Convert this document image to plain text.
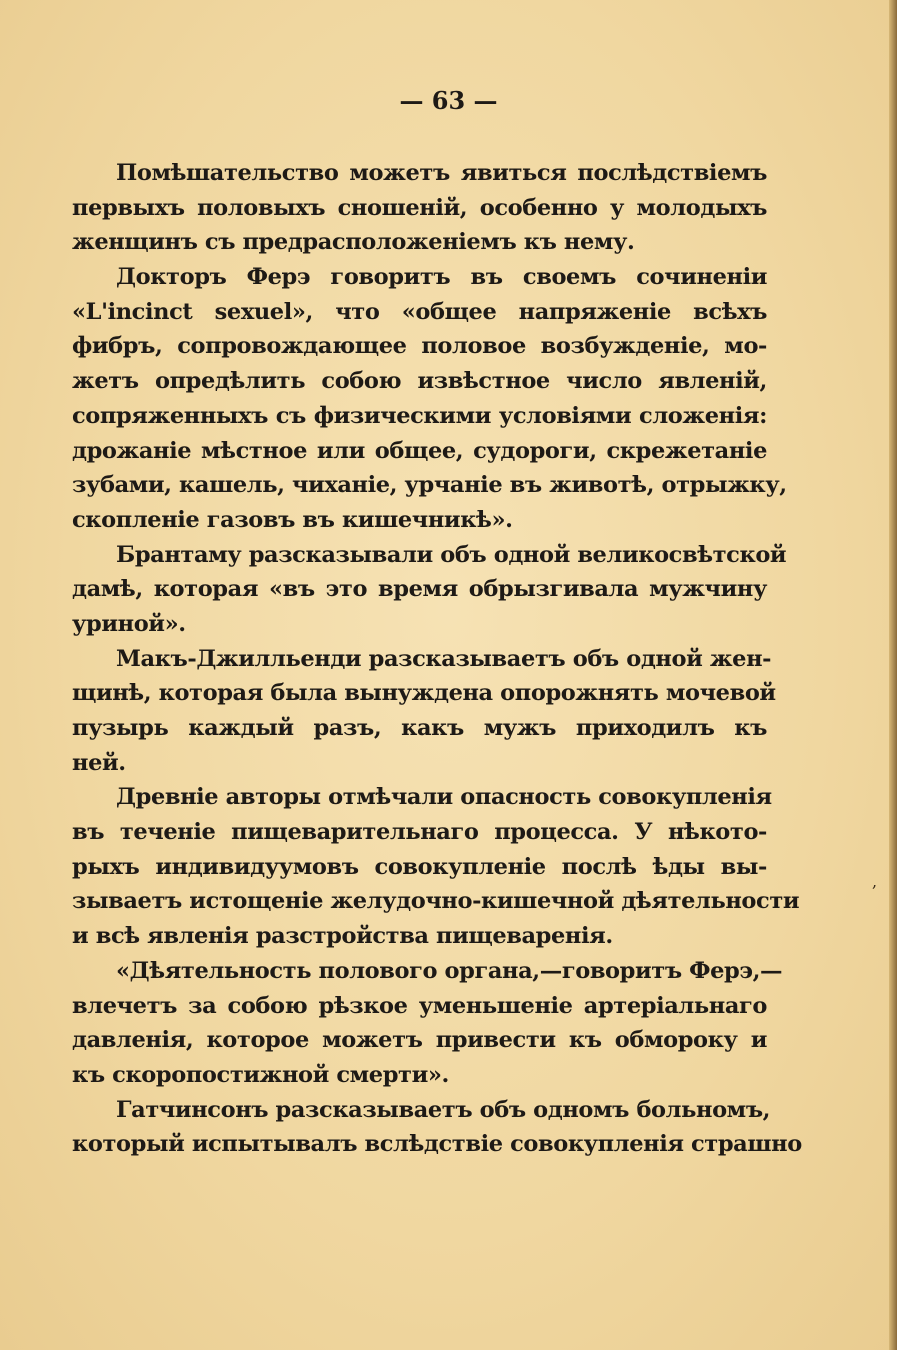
— 63 —
Помѣшательство можетъ явиться послѣдствіемъ
первыхъ половыхъ сношеній, особенно у молодыхъ
женщинъ съ предрасположеніемъ къ нему.
Докторъ Ферэ говоритъ въ своемъ сочиненіи
«L'incinct sexuel», что «общее напряженіе всѣхъ
фибръ, сопровождающее половое возбужденіе, мо-
жетъ опредѣлить собою извѣстное число явленій,
сопряженныхъ съ физическими условіями сложенія:
дрожаніе мѣстное или общее, судороги, скрежетаніе
зубами, кашель, чиханіе, урчаніе въ животѣ, отрыжку,
скопленіе газовъ въ кишечникѣ».
Брантаму разсказывали объ одной великосвѣтской
дамѣ, которая «въ это время обрызгивала мужчину
уриной».
Макъ-Джилльенди разсказываетъ объ одной жен-
щинѣ, которая была вынуждена опорожнять мочевой
пузырь каждый разъ, какъ мужъ приходилъ къ
ней.
Древніе авторы отмѣчали опасность совокупленія
въ теченіе пищеварительнаго процесса. У нѣкото-
рыхъ индивидуумовъ совокупленіе послѣ ѣды вы-
зываетъ истощеніе желудочно-кишечной дѣятельности
и всѣ явленія разстройства пищеваренія.
«Дѣятельность полового органа,—говоритъ Ферэ,—
влечетъ за собою рѣзкое уменьшеніе артеріальнаго
давленія, которое можетъ привести къ обмороку и
къ скоропостижной смерти».
Гатчинсонъ разсказываетъ объ одномъ больномъ,
который испытывалъ вслѣдствіе совокупленія страшно
,
